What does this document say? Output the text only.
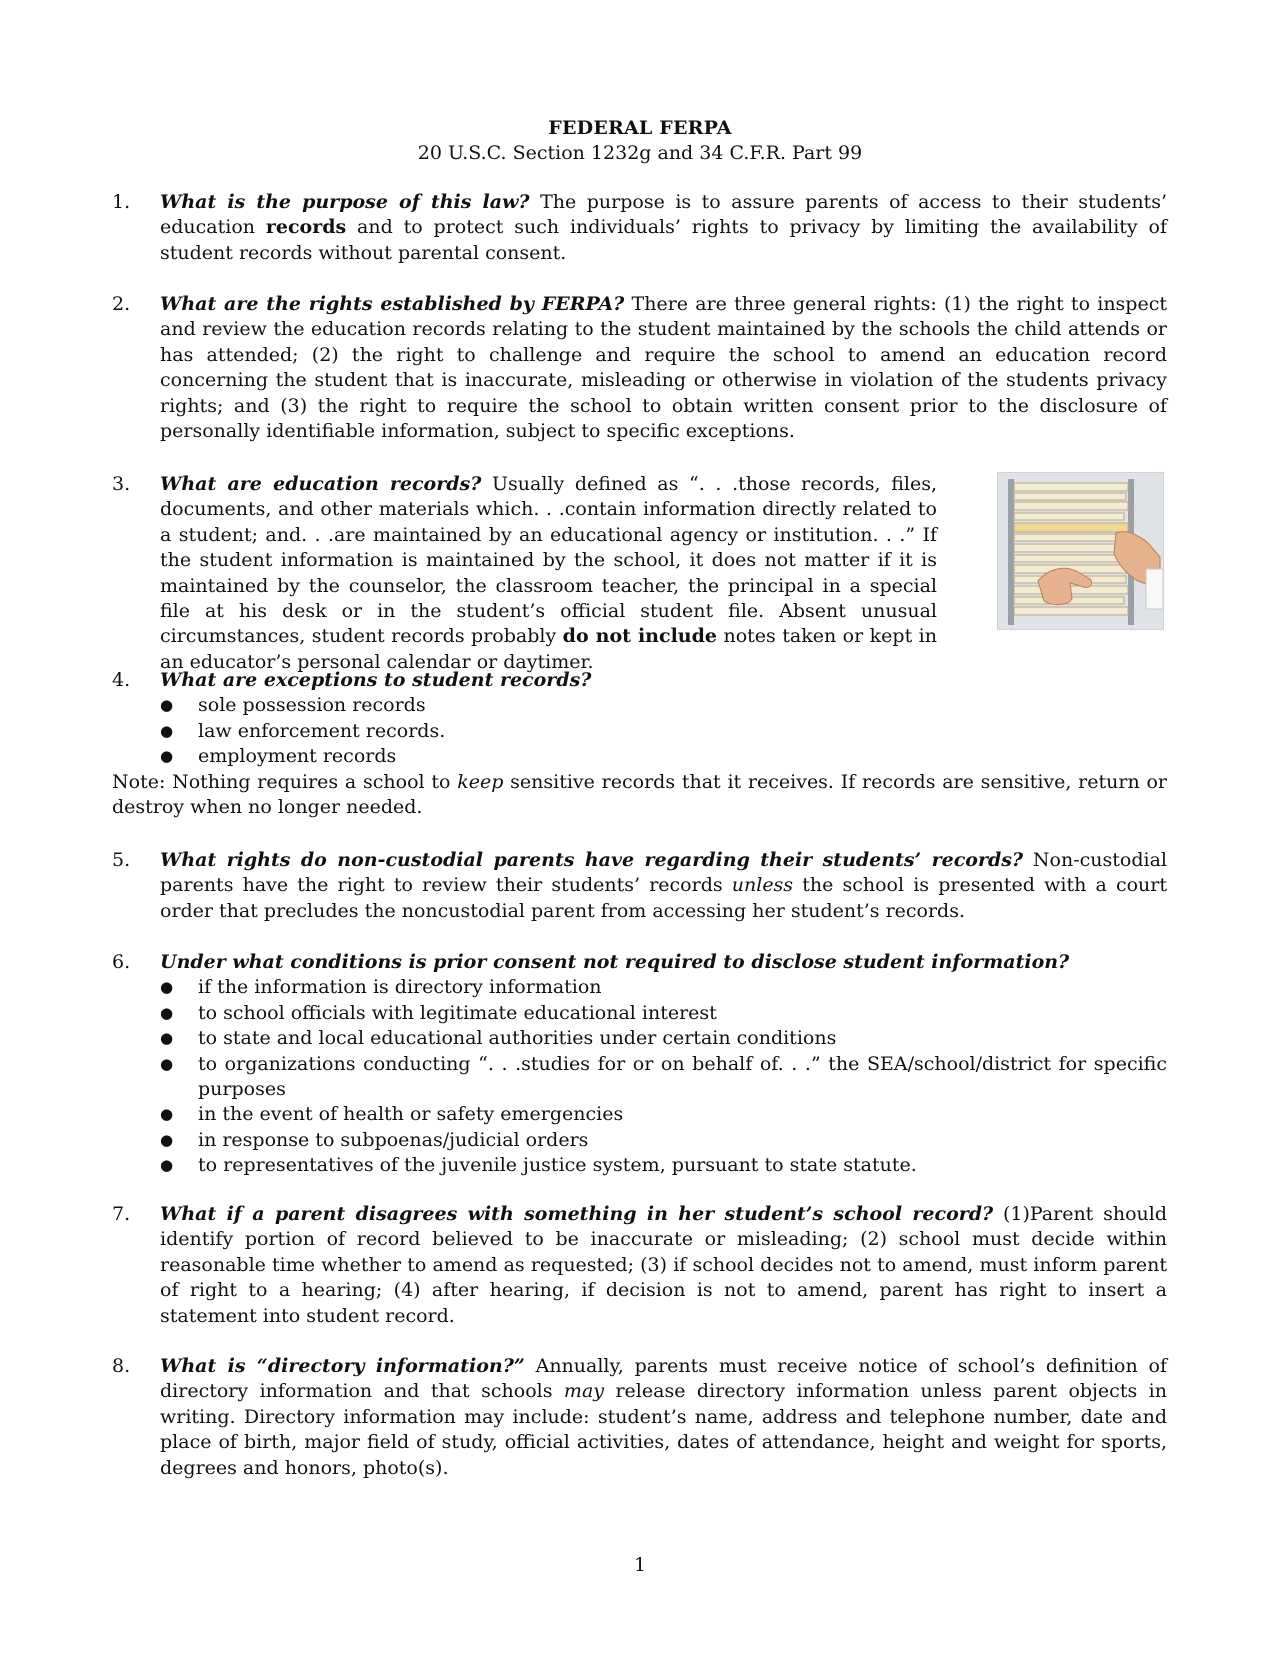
FEDERAL FERPA
20 U.S.C. Section 1232g and 34 C.F.R. Part 99
1.	What is the purpose of this law? The purpose is to assure parents of access to their students’ education records and to protect such individuals’ rights to privacy by limiting the availability of student records without parental consent.
2.	What are the rights established by FERPA? There are three general rights: (1) the right to inspect and review the education records relating to the student maintained by the schools the child attends or has attended; (2) the right to challenge and require the school to amend an education record concerning the student that is inaccurate, misleading or otherwise in violation of the students privacy rights; and (3) the right to require the school to obtain written consent prior to the disclosure of personally identifiable information, subject to specific exceptions.
3.	What are education records? Usually defined as “. . .those records, files, documents, and other materials which. . .contain information directly related to a student; and. . .are maintained by an educational agency or institution. . .” If the student information is maintained by the school, it does not matter if it is maintained by the counselor, the classroom teacher, the principal in a special file at his desk or in the student’s official student file. Absent unusual circumstances, student records probably do not include notes taken or kept in an educator’s personal calendar or daytimer.
4.	What are exceptions to student records?
● sole possession records
● law enforcement records.
● employment records
Note: Nothing requires a school to keep sensitive records that it receives. If records are sensitive, return or destroy when no longer needed.
5.	What rights do non-custodial parents have regarding their students’ records? Non-custodial parents have the right to review their students’ records unless the school is presented with a court order that precludes the noncustodial parent from accessing her student’s records.
6.	Under what conditions is prior consent not required to disclose student information?
● if the information is directory information
● to school officials with legitimate educational interest
● to state and local educational authorities under certain conditions
● to organizations conducting “. . .studies for or on behalf of. . .” the SEA/school/district for specific purposes
● in the event of health or safety emergencies
● in response to subpoenas/judicial orders
● to representatives of the juvenile justice system, pursuant to state statute.
7.	What if a parent disagrees with something in her student’s school record? (1)Parent should identify portion of record believed to be inaccurate or misleading; (2) school must decide within reasonable time whether to amend as requested; (3) if school decides not to amend, must inform parent of right to a hearing; (4) after hearing, if decision is not to amend, parent has right to insert a statement into student record.
8.	What is “directory information?” Annually, parents must receive notice of school’s definition of directory information and that schools may release directory information unless parent objects in writing. Directory information may include: student’s name, address and telephone number, date and place of birth, major field of study, official activities, dates of attendance, height and weight for sports, degrees and honors, photo(s).
1
